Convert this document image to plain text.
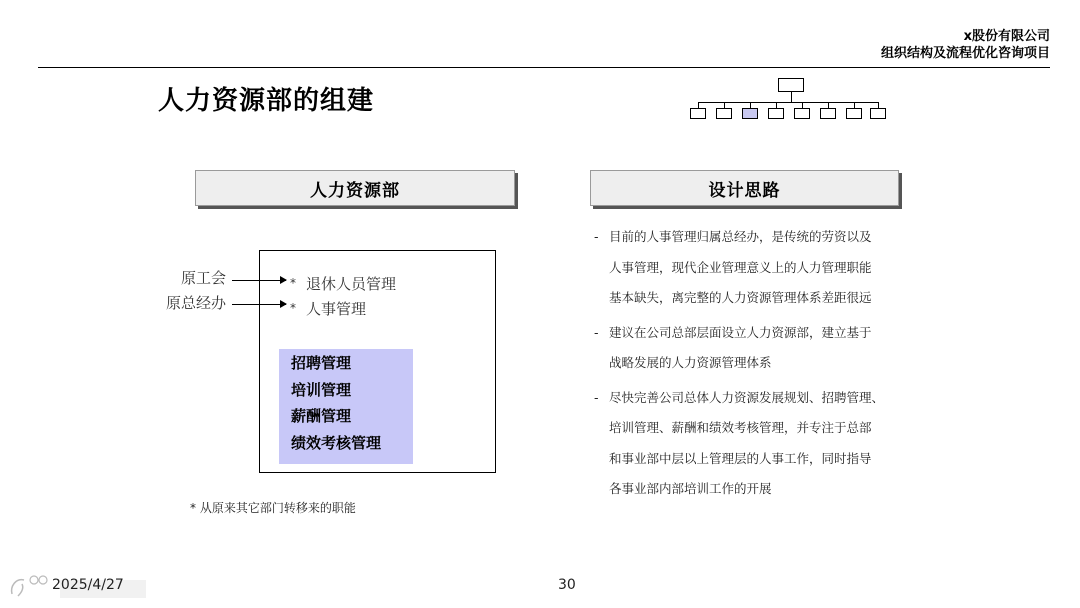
x股份有限公司
组织结构及流程优化咨询项目
人力资源部的组建
人力资源部
原工会
原总经办
* 退休人员管理
* 人事管理
招聘管理
培训管理
薪酬管理
绩效考核管理
* 从原来其它部门转移来的职能
设计思路
- 目前的人事管理归属总经办，是传统的劳资以及
人事管理，现代企业管理意义上的人力管理职能
基本缺失，离完整的人力资源管理体系差距很远
- 建议在公司总部层面设立人力资源部，建立基于
战略发展的人力资源管理体系
- 尽快完善公司总体人力资源发展规划、招聘管理、
培训管理、薪酬和绩效考核管理，并专注于总部
和事业部中层以上管理层的人事工作，同时指导
各事业部内部培训工作的开展
2025/4/27	30
